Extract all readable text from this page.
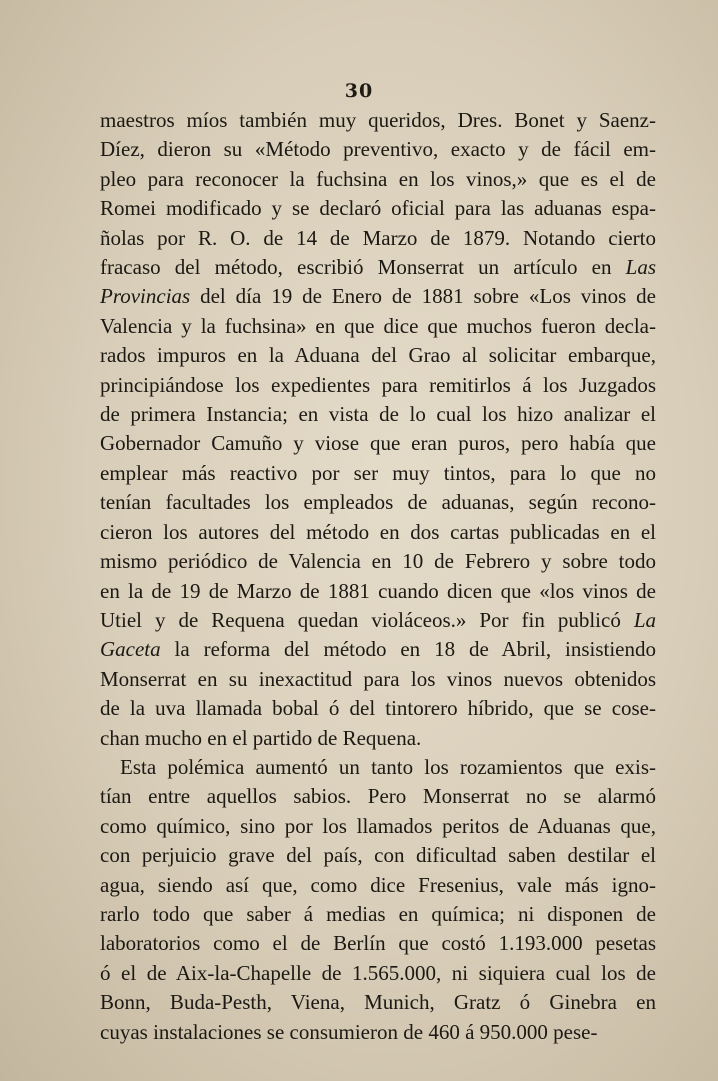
30
maestros míos también muy queridos, Dres. Bonet y Saenz-
Díez, dieron su «Método preventivo, exacto y de fácil em-
pleo para reconocer la fuchsina en los vinos,» que es el de
Romei modificado y se declaró oficial para las aduanas espa-
ñolas por R. O. de 14 de Marzo de 1879. Notando cierto
fracaso del método, escribió Monserrat un artículo en Las
Provincias del día 19 de Enero de 1881 sobre «Los vinos de
Valencia y la fuchsina» en que dice que muchos fueron decla-
rados impuros en la Aduana del Grao al solicitar embarque,
principiándose los expedientes para remitirlos á los Juzgados
de primera Instancia; en vista de lo cual los hizo analizar el
Gobernador Camuño y viose que eran puros, pero había que
emplear más reactivo por ser muy tintos, para lo que no
tenían facultades los empleados de aduanas, según recono-
cieron los autores del método en dos cartas publicadas en el
mismo periódico de Valencia en 10 de Febrero y sobre todo
en la de 19 de Marzo de 1881 cuando dicen que «los vinos de
Utiel y de Requena quedan violáceos.» Por fin publicó La
Gaceta la reforma del método en 18 de Abril, insistiendo
Monserrat en su inexactitud para los vinos nuevos obtenidos
de la uva llamada bobal ó del tintorero híbrido, que se cose-
chan mucho en el partido de Requena.
Esta polémica aumentó un tanto los rozamientos que exis-
tían entre aquellos sabios. Pero Monserrat no se alarmó
como químico, sino por los llamados peritos de Aduanas que,
con perjuicio grave del país, con dificultad saben destilar el
agua, siendo así que, como dice Fresenius, vale más igno-
rarlo todo que saber á medias en química; ni disponen de
laboratorios como el de Berlín que costó 1.193.000 pesetas
ó el de Aix-la-Chapelle de 1.565.000, ni siquiera cual los de
Bonn, Buda-Pesth, Viena, Munich, Gratz ó Ginebra en
cuyas instalaciones se consumieron de 460 á 950.000 pese-
